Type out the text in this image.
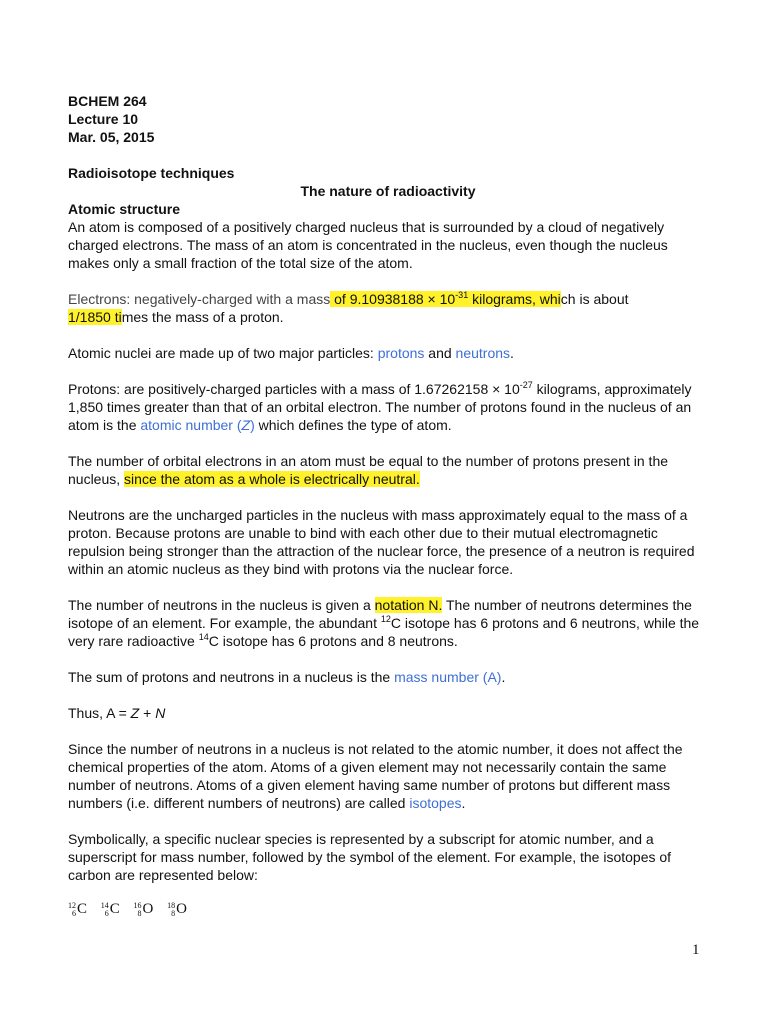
BCHEM 264
Lecture 10
Mar. 05, 2015
Radioisotope techniques
The nature of radioactivity
Atomic structure
An atom is composed of a positively charged nucleus that is surrounded by a cloud of negatively charged electrons. The mass of an atom is concentrated in the nucleus, even though the nucleus makes only a small fraction of the total size of the atom.
Electrons: negatively-charged with a mass of $9.10938188 \times 10^{-31}$ kilograms, which is about
1/1850 times the mass of a proton.
Atomic nuclei are made up of two major particles: protons and neutrons.
Protons: are positively-charged particles with a mass of $1.67262158 \times 10^{-27}$ kilograms, approximately 1,850 times greater than that of an orbital electron. The number of protons found in the nucleus of an atom is the atomic number (Z) which defines the type of atom.
The number of orbital electrons in an atom must be equal to the number of protons present in the nucleus, since the atom as a whole is electrically neutral.
Neutrons are the uncharged particles in the nucleus with mass approximately equal to the mass of a proton. Because protons are unable to bind with each other due to their mutual electromagnetic repulsion being stronger than the attraction of the nuclear force, the presence of a neutron is required within an atomic nucleus as they bind with protons via the nuclear force.
The number of neutrons in the nucleus is given a notation N. The number of neutrons determines the isotope of an element. For example, the abundant $^{12}$C isotope has 6 protons and 6 neutrons, while the very rare radioactive $^{14}$C isotope has 6 protons and 8 neutrons.
The sum of protons and neutrons in a nucleus is the mass number (A).
Thus, A = Z + N
Since the number of neutrons in a nucleus is not related to the atomic number, it does not affect the chemical properties of the atom. Atoms of a given element may not necessarily contain the same number of neutrons. Atoms of a given element having same number of protons but different mass numbers (i.e. different numbers of neutrons) are called isotopes.
Symbolically, a specific nuclear species is represented by a subscript for atomic number, and a superscript for mass number, followed by the symbol of the element. For example, the isotopes of carbon are represented below:
12
6 C 14
6 C 16
8 O 18
8 O
1
